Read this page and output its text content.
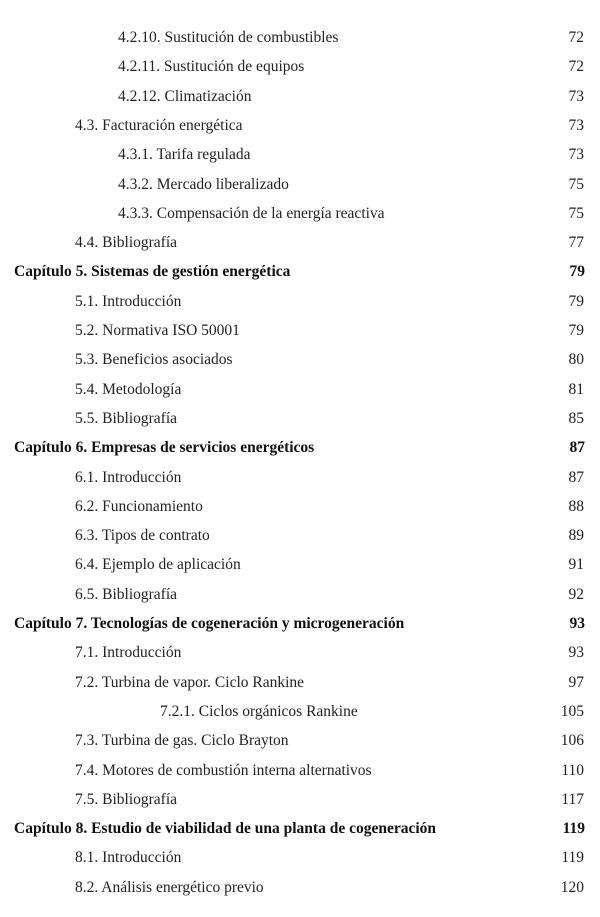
4.2.10. Sustitución de combustibles	72
4.2.11. Sustitución de equipos	72
4.2.12. Climatización	73
4.3. Facturación energética	73
4.3.1. Tarifa regulada	73
4.3.2. Mercado liberalizado	75
4.3.3. Compensación de la energía reactiva	75
4.4. Bibliografía	77
Capítulo 5. Sistemas de gestión energética	79
5.1. Introducción	79
5.2. Normativa ISO 50001	79
5.3. Beneficios asociados	80
5.4. Metodología	81
5.5. Bibliografía	85
Capítulo 6. Empresas de servicios energéticos	87
6.1. Introducción	87
6.2. Funcionamiento	88
6.3. Tipos de contrato	89
6.4. Ejemplo de aplicación	91
6.5. Bibliografía	92
Capítulo 7. Tecnologías de cogeneración y microgeneración	93
7.1. Introducción	93
7.2. Turbina de vapor. Ciclo Rankine	97
7.2.1. Ciclos orgánicos Rankine	105
7.3. Turbina de gas. Ciclo Brayton	106
7.4. Motores de combustión interna alternativos	110
7.5. Bibliografía	117
Capítulo 8. Estudio de viabilidad de una planta de cogeneración	119
8.1. Introducción	119
8.2. Análisis energético previo	120
